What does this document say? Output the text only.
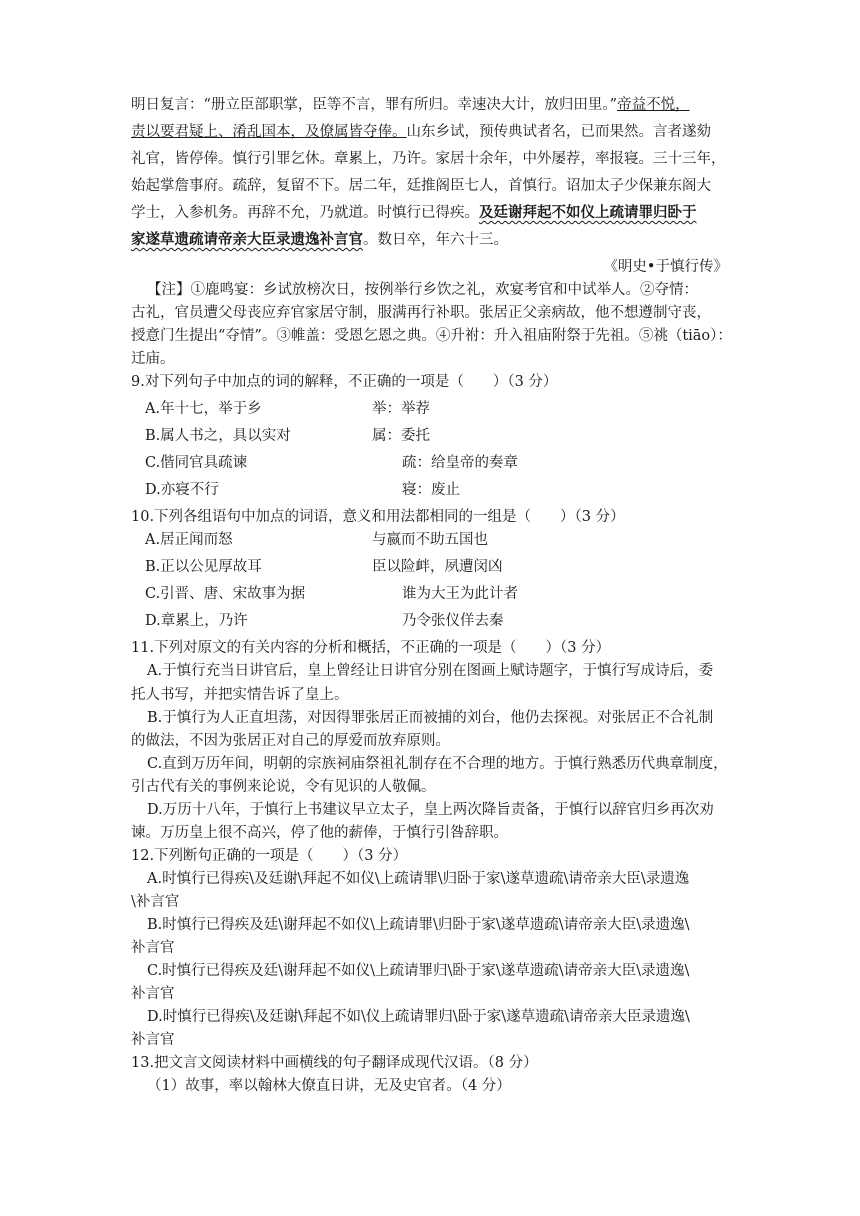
明日复言：“册立臣部职掌，臣等不言，罪有所归。幸速决大计，放归田里。”帝益不悦，
责以要君疑上、淆乱国本，及僚属皆夺俸。山东乡试，预传典试者名，已而果然。言者遂劾
礼官，皆停俸。慎行引罪乞休。章累上，乃许。家居十余年，中外屡荐，率报寝。三十三年，
始起掌詹事府。疏辞，复留不下。居二年，廷推阁臣七人，首慎行。诏加太子少保兼东阁大
学士，入参机务。再辞不允，乃就道。时慎行已得疾。及廷谢拜起不如仪上疏请罪归卧于
家遂草遗疏请帝亲大臣录遗逸补言官。数日卒，年六十三。
《明史•于慎行传》
【注】①鹿鸣宴：乡试放榜次日，按例举行乡饮之礼，欢宴考官和中试举人。②夺情：
古礼，官员遭父母丧应弃官家居守制，服满再行补职。张居正父亲病故，他不想遵制守丧，
授意门生提出“夺情”。③帷盖：受恩乞恩之典。④升祔：升入祖庙附祭于先祖。⑤祧（tiāo）：
迁庙。
9.对下列句子中加点的词的解释，不正确的一项是（　　）（3 分）
A.年十七，举于乡	举：举荐
B.属人书之，具以实对	属：委托
C.偕同官具疏谏	疏：给皇帝的奏章
D.亦寝不行	寝：废止
10.下列各组语句中加点的词语，意义和用法都相同的一组是（　　）（3 分）
A.居正闻而怒	与嬴而不助五国也
B.正以公见厚故耳	臣以险衅，夙遭闵凶
C.引晋、唐、宋故事为据	谁为大王为此计者
D.章累上，乃许	乃令张仪佯去秦
11.下列对原文的有关内容的分析和概括，不正确的一项是（　　）（3 分）
A.于慎行充当日讲官后，皇上曾经让日讲官分别在图画上赋诗题字，于慎行写成诗后，委
托人书写，并把实情告诉了皇上。
B.于慎行为人正直坦荡，对因得罪张居正而被捕的刘台，他仍去探视。对张居正不合礼制
的做法，不因为张居正对自己的厚爱而放弃原则。
C.直到万历年间，明朝的宗族祠庙祭祖礼制存在不合理的地方。于慎行熟悉历代典章制度，
引古代有关的事例来论说，令有见识的人敬佩。
D.万历十八年，于慎行上书建议早立太子，皇上两次降旨责备，于慎行以辞官归乡再次劝
谏。万历皇上很不高兴，停了他的薪俸，于慎行引咎辞职。
12.下列断句正确的一项是（　　）（3 分）
A.时慎行已得疾\及廷谢\拜起不如仪\上疏请罪\归卧于家\遂草遗疏\请帝亲大臣\录遗逸
\补言官
B.时慎行已得疾及廷\谢拜起不如仪\上疏请罪\归卧于家\遂草遗疏\请帝亲大臣\录遗逸\
补言官
C.时慎行已得疾及廷\谢拜起不如仪\上疏请罪归\卧于家\遂草遗疏\请帝亲大臣\录遗逸\
补言官
D.时慎行已得疾\及廷谢\拜起不如\仪上疏请罪归\卧于家\遂草遗疏\请帝亲大臣录遗逸\
补言官
13.把文言文阅读材料中画横线的句子翻译成现代汉语。（8 分）
（1）故事，率以翰林大僚直日讲，无及史官者。（4 分）
